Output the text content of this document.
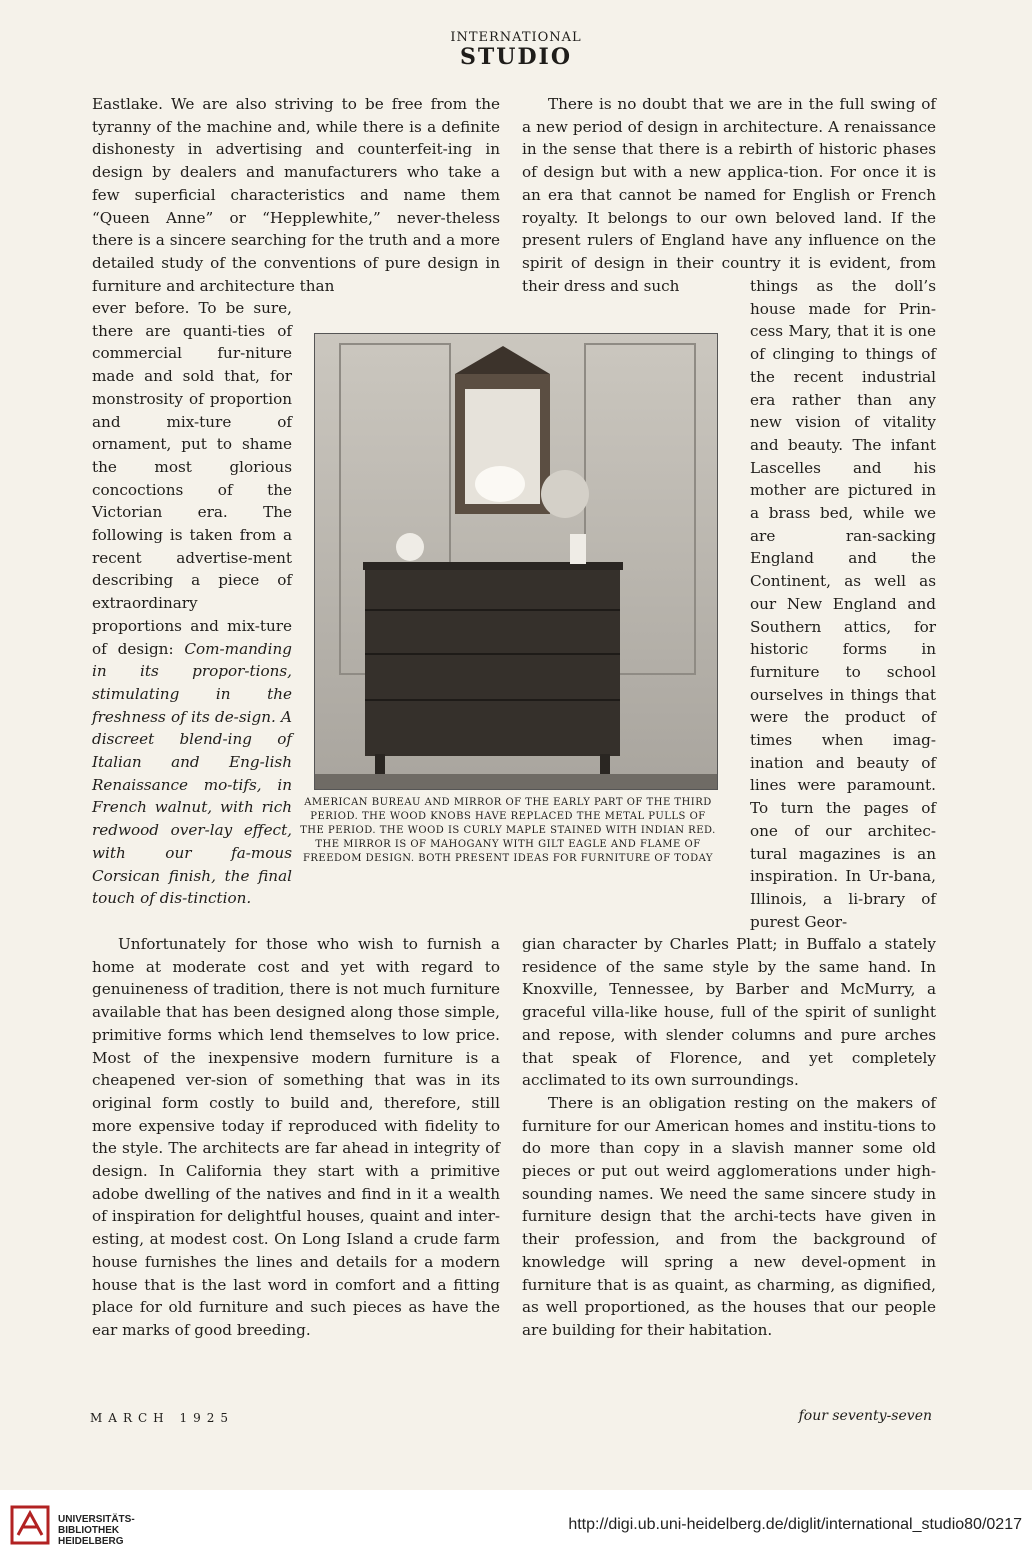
INTERNATIONAL
STUDIO

Eastlake. We are also striving to be free from the tyranny of the machine and, while there is a definite dishonesty in advertising and counterfeit-ing in design by dealers and manufacturers who take a few superficial characteristics and name them “Queen Anne” or “Hepplewhite,” never-theless there is a sincere searching for the truth and a more detailed study of the conventions of pure design in furniture and architecture than

ever before. To be sure, there are quanti-ties of commercial fur-niture made and sold that, for monstrosity of proportion and mix-ture of ornament, put to shame the most glorious concoctions of the Victorian era. The following is taken from a recent advertise-ment describing a piece of extraordinary proportions and mix-ture of design: Com-manding in its propor-tions, stimulating in the freshness of its de-sign. A discreet blend-ing of Italian and Eng-lish Renaissance mo-tifs, in French walnut, with rich redwood over-lay effect, with our fa-mous Corsican finish, the final touch of dis-tinction.

AMERICAN BUREAU AND MIRROR OF THE EARLY PART OF THE THIRD PERIOD. THE WOOD KNOBS HAVE REPLACED THE METAL PULLS OF THE PERIOD. THE WOOD IS CURLY MAPLE STAINED WITH INDIAN RED. THE MIRROR IS OF MAHOGANY WITH GILT EAGLE AND FLAME OF FREEDOM DESIGN. BOTH PRESENT IDEAS FOR FURNITURE OF TODAY

There is no doubt that we are in the full swing of a new period of design in architecture. A renaissance in the sense that there is a rebirth of historic phases of design but with a new applica-tion. For once it is an era that cannot be named for English or French royalty. It belongs to our own beloved land. If the present rulers of England have any influence on the spirit of design in their country it is evident, from their dress and such	things as the doll’s house made for Prin-cess Mary, that it is one of clinging to things of the recent industrial era rather than any new vision of vitality and beauty. The infant Lascelles and his mother are pictured in a brass bed, while we are ran-sacking England and the Continent, as well as our New England and Southern attics, for historic forms in furniture to school ourselves in things that were the product of times when imag-ination and beauty of lines were paramount. To turn the pages of one of our architec-tural magazines is an inspiration. In Ur-bana, Illinois, a li-brary of purest Geor-

Unfortunately for those who wish to furnish a home at moderate cost and yet with regard to genuineness of tradition, there is not much furniture available that has been designed along those simple, primitive forms which lend themselves to low price. Most of the inexpensive modern furniture is a cheapened ver-sion of something that was in its original form costly to build and, therefore, still more expensive today if reproduced with fidelity to the style. The architects are far ahead in integrity of design. In California they start with a primitive adobe dwelling of the natives and find in it a wealth of inspiration for delightful houses, quaint and inter-esting, at modest cost. On Long Island a crude farm house furnishes the lines and details for a modern house that is the last word in comfort and a fitting place for old furniture and such pieces as have the ear marks of good breeding.

gian character by Charles Platt; in Buffalo a stately residence of the same style by the same hand. In Knoxville, Tennessee, by Barber and McMurry, a graceful villa-like house, full of the spirit of sunlight and repose, with slender columns and pure arches that speak of Florence, and yet completely acclimated to its own surroundings.

There is an obligation resting on the makers of furniture for our American homes and institu-tions to do more than copy in a slavish manner some old pieces or put out weird agglomerations under high-sounding names. We need the same sincere study in furniture design that the archi-tects have given in their profession, and from the background of knowledge will spring a new devel-opment in furniture that is as quaint, as charming, as dignified, as well proportioned, as the houses that our people are building for their habitation.

MARCH 1925	four seventy-seven
UNIVERSITÄTS-
BIBLIOTHEK
HEIDELBERG
http://digi.ub.uni-heidelberg.de/diglit/international_studio80/0217
